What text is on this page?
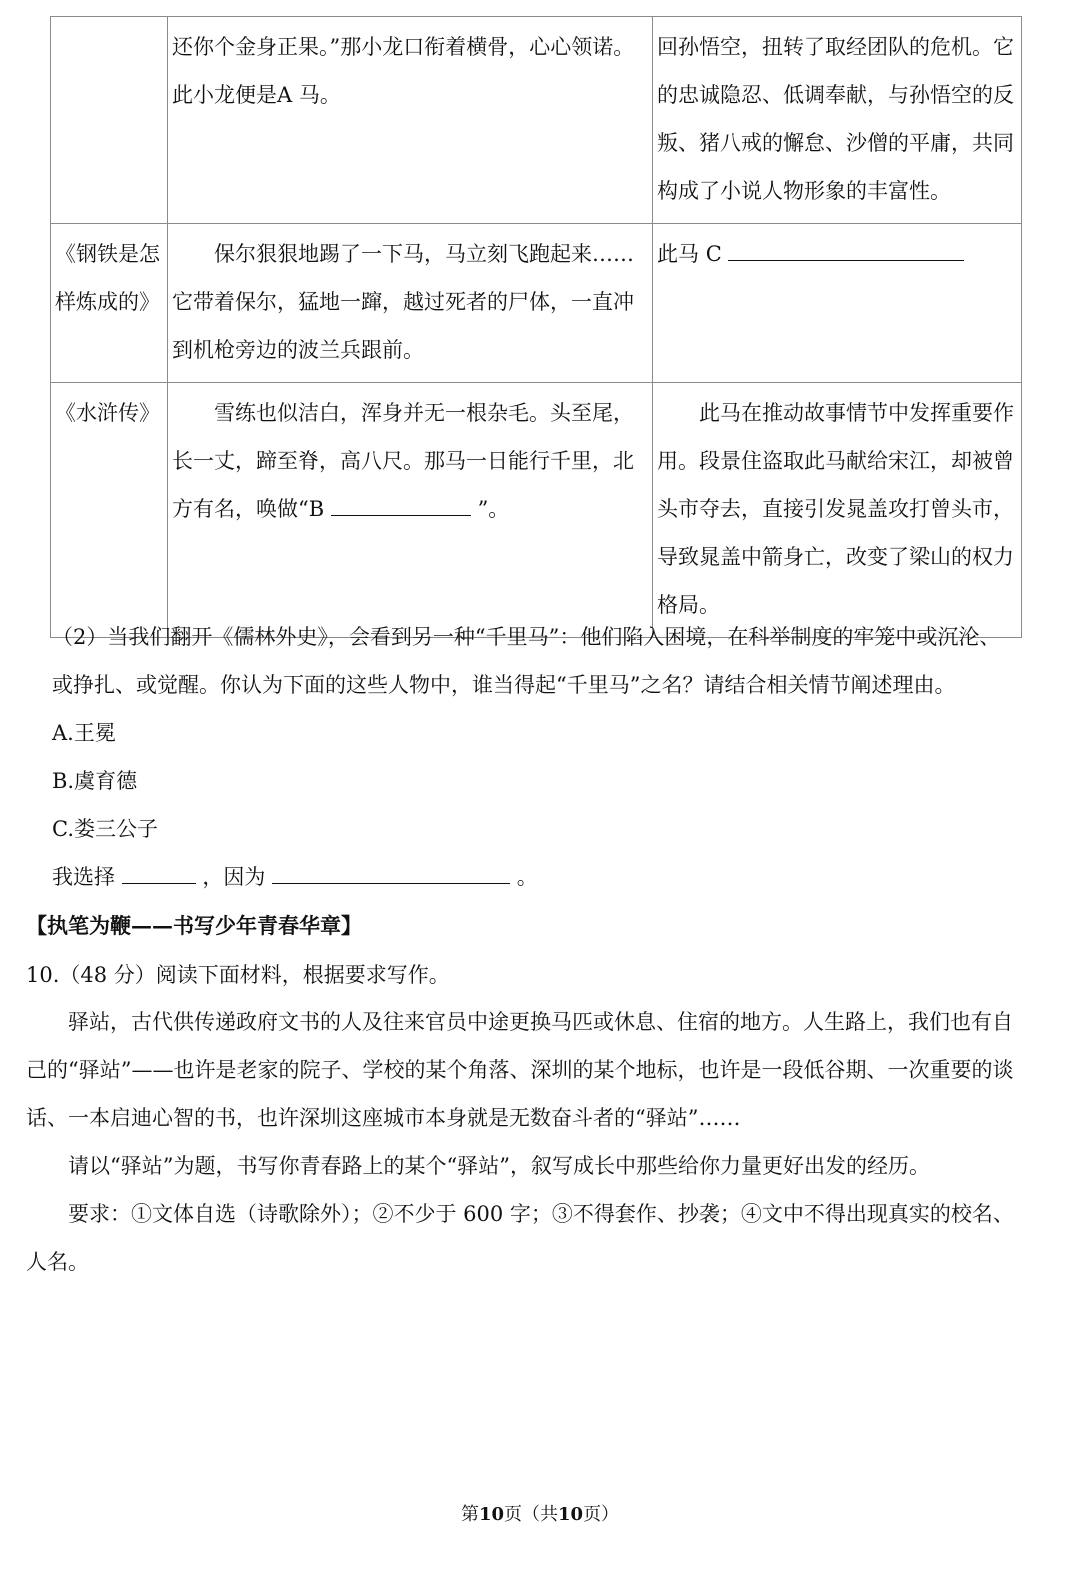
	还你个金身正果。”那小龙口衔着横骨，心心领诺。此小龙便是A 马。	回孙悟空，扭转了取经团队的危机。它的忠诚隐忍、低调奉献，与孙悟空的反叛、猪八戒的懈怠、沙僧的平庸，共同构成了小说人物形象的丰富性。
《钢铁是怎样炼成的》	保尔狠狠地踢了一下马，马立刻飞跑起来……它带着保尔，猛地一蹿，越过死者的尸体，一直冲到机枪旁边的波兰兵跟前。	此马 C
《水浒传》	雪练也似洁白，浑身并无一根杂毛。头至尾，长一丈，蹄至脊，高八尺。那马一日能行千里，北方有名，唤做“B ”。	此马在推动故事情节中发挥重要作用。段景住盗取此马献给宋江，却被曾头市夺去，直接引发晁盖攻打曾头市，导致晁盖中箭身亡，改变了梁山的权力格局。
（2）当我们翻开《儒林外史》，会看到另一种“千里马”：他们陷入困境，在科举制度的牢笼中或沉沦、
或挣扎、或觉醒。你认为下面的这些人物中，谁当得起“千里马”之名？请结合相关情节阐述理由。
A.王冕
B.虞育德
C.娄三公子
我选择	，因为	。
【执笔为鞭——书写少年青春华章】
10.（48 分）阅读下面材料，根据要求写作。

驿站，古代供传递政府文书的人及往来官员中途更换马匹或休息、住宿的地方。人生路上，我们也有自己的“驿站”——也许是老家的院子、学校的某个角落、深圳的某个地标，也许是一段低谷期、一次重要的谈话、一本启迪心智的书，也许深圳这座城市本身就是无数奋斗者的“驿站”……

请以“驿站”为题，书写你青春路上的某个“驿站”，叙写成长中那些给你力量更好出发的经历。

要求：①文体自选（诗歌除外）；②不少于 600 字；③不得套作、抄袭；④文中不得出现真实的校名、人名。

第10页（共10页）
